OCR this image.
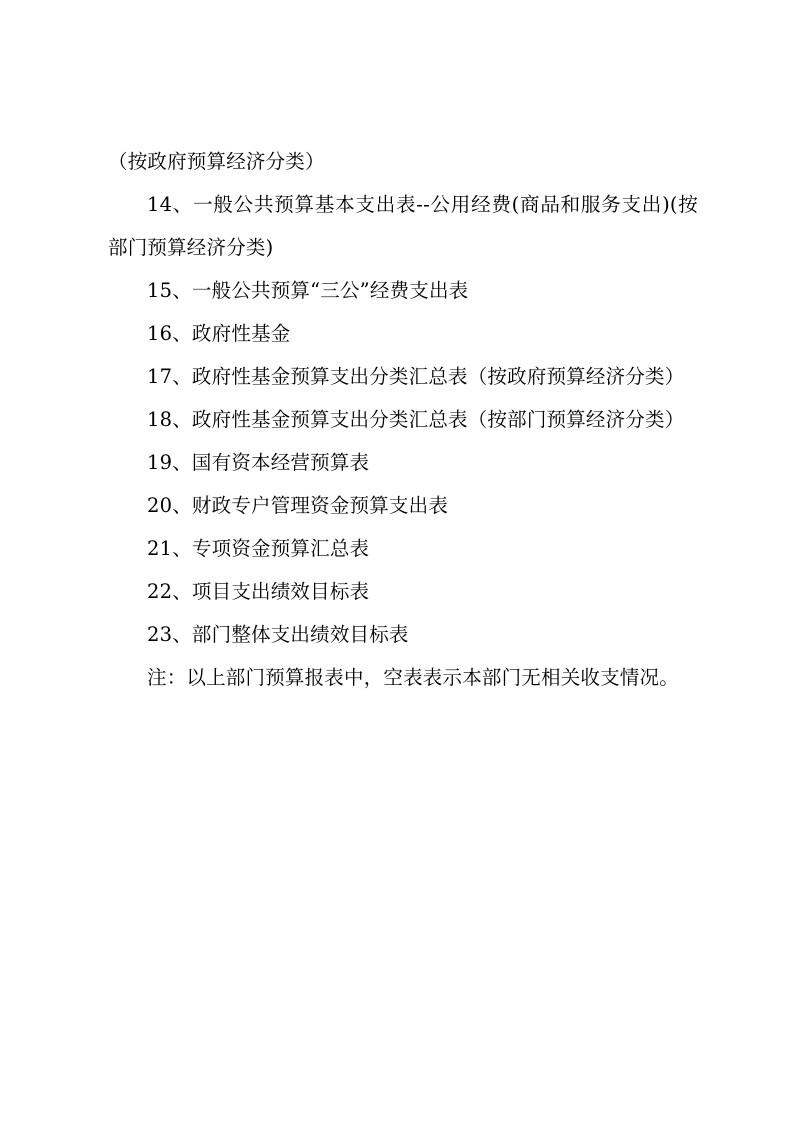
（按政府预算经济分类）

14、一般公共预算基本支出表--公用经费(商品和服务支出)(按部门预算经济分类)

15、一般公共预算“三公”经费支出表

16、政府性基金

17、政府性基金预算支出分类汇总表（按政府预算经济分类）

18、政府性基金预算支出分类汇总表（按部门预算经济分类）

19、国有资本经营预算表

20、财政专户管理资金预算支出表

21、专项资金预算汇总表

22、项目支出绩效目标表

23、部门整体支出绩效目标表

注：以上部门预算报表中，空表表示本部门无相关收支情况。
